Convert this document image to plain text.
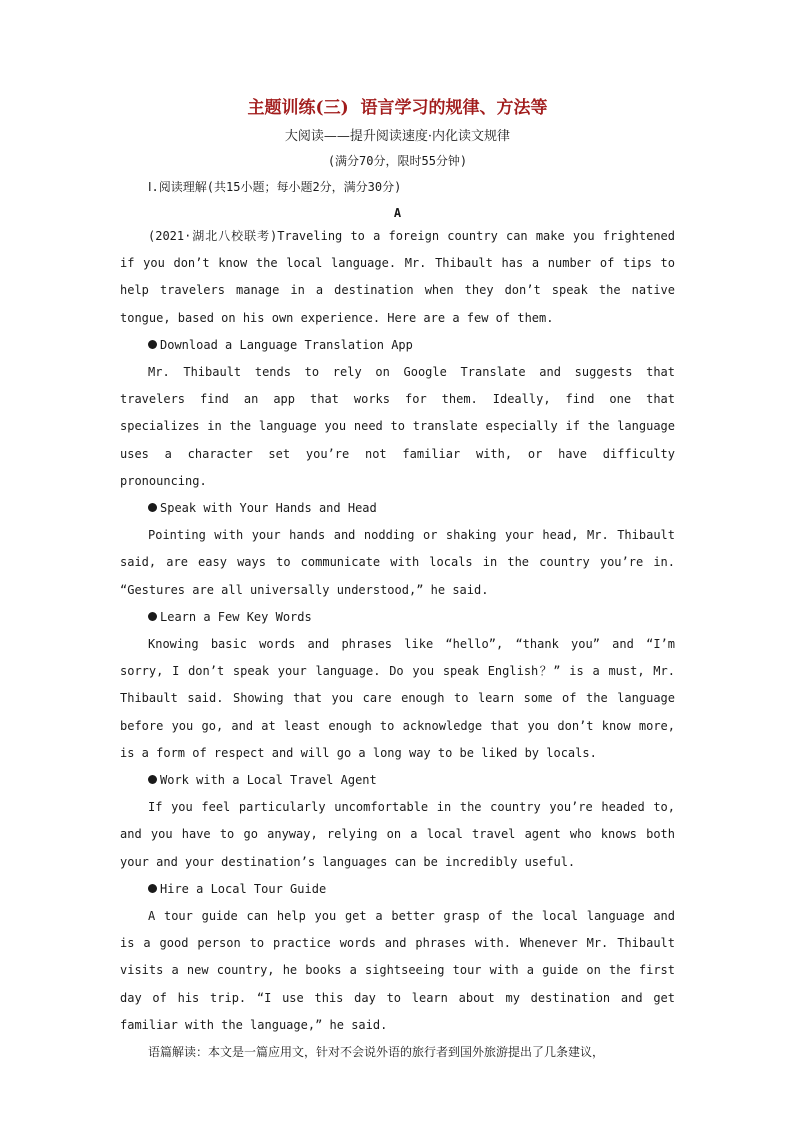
主题训练(三)  语言学习的规律、方法等
大阅读——提升阅读速度·内化读文规律
(满分70分，限时55分钟)
Ⅰ.阅读理解(共15小题；每小题2分，满分30分)
A

(2021·湖北八校联考)Traveling to a foreign country can make you frightened if you don’t know the local language. Mr. Thibault has a number of tips to help travelers manage in a destination when they don’t speak the native tongue, based on his own experience. Here are a few of them.

Download a Language Translation App

Mr. Thibault tends to rely on Google Translate and suggests that travelers find an app that works for them. Ideally, find one that specializes in the language you need to translate especially if the language uses a character set you’re not familiar with, or have difficulty pronouncing.

Speak with Your Hands and Head

Pointing with your hands and nodding or shaking your head, Mr. Thibault said, are easy ways to communicate with locals in the country you’re in. “Gestures are all universally understood,” he said.

Learn a Few Key Words

Knowing basic words and phrases like “hello”, “thank you” and “I’m sorry, I don’t speak your language. Do you speak English？” is a must, Mr. Thibault said. Showing that you care enough to learn some of the language before you go, and at least enough to acknowledge that you don’t know more, is a form of respect and will go a long way to be liked by locals.

Work with a Local Travel Agent

If you feel particularly uncomfortable in the country you’re headed to, and you have to go anyway, relying on a local travel agent who knows both your and your destination’s languages can be incredibly useful.

Hire a Local Tour Guide

A tour guide can help you get a better grasp of the local language and is a good person to practice words and phrases with. Whenever Mr. Thibault visits a new country, he books a sightseeing tour with a guide on the first day of his trip. “I use this day to learn about my destination and get familiar with the language,” he said.

语篇解读：本文是一篇应用文，针对不会说外语的旅行者到国外旅游提出了几条建议，
